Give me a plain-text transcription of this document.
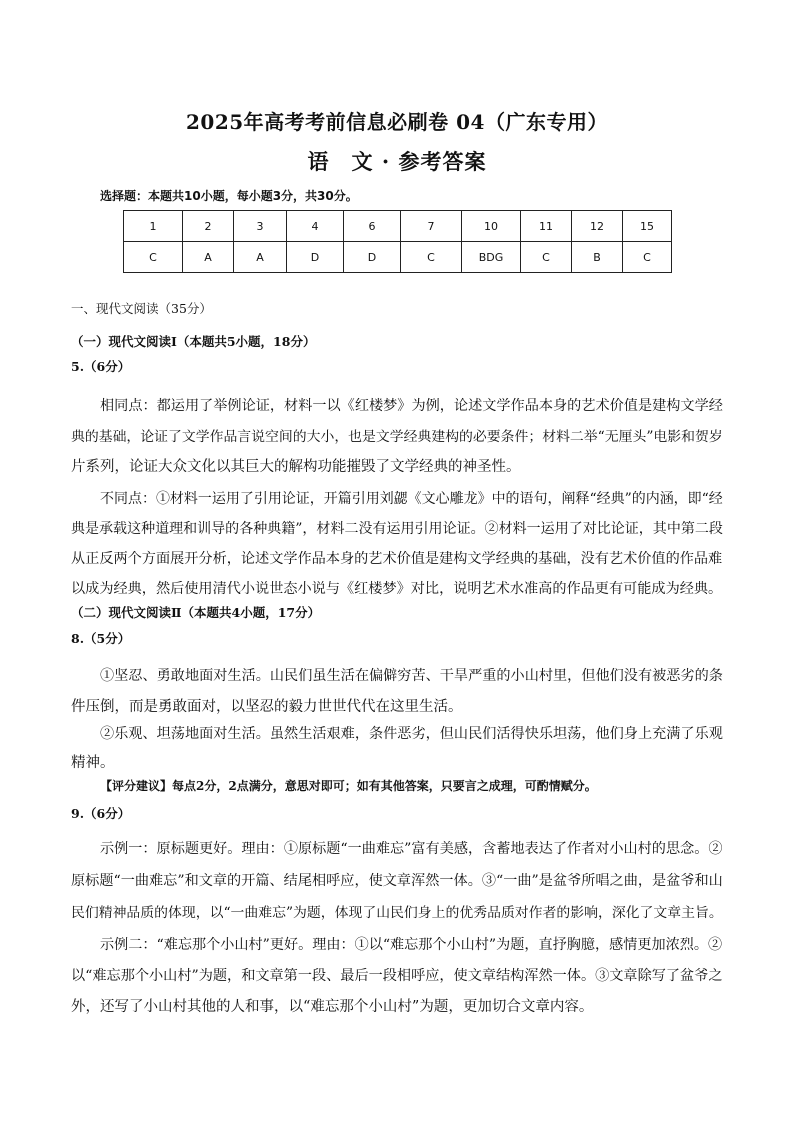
2025年高考考前信息必刷卷 04（广东专用）
语　文 · 参考答案
选择题：本题共10小题，每小题3分，共30分。
1	2	3	4	6	7	10	11	12	15
C	A	A	D	D	C	BDG	C	B	C
一、现代文阅读（35分）
（一）现代文阅读Ⅰ（本题共5小题，18分）
5.（6分）
相同点：都运用了举例论证，材料一以《红楼梦》为例，论述文学作品本身的艺术价值是建构文学经
典的基础，论证了文学作品言说空间的大小，也是文学经典建构的必要条件；材料二举“无厘头”电影和贺岁
片系列，论证大众文化以其巨大的解构功能摧毁了文学经典的神圣性。
不同点：①材料一运用了引用论证，开篇引用刘勰《文心雕龙》中的语句，阐释“经典”的内涵，即“经
典是承载这种道理和训导的各种典籍”，材料二没有运用引用论证。②材料一运用了对比论证，其中第二段
从正反两个方面展开分析，论述文学作品本身的艺术价值是建构文学经典的基础，没有艺术价值的作品难
以成为经典，然后使用清代小说世态小说与《红楼梦》对比，说明艺术水准高的作品更有可能成为经典。
（二）现代文阅读Ⅱ（本题共4小题，17分）
8.（5分）
①坚忍、勇敢地面对生活。山民们虽生活在偏僻穷苦、干旱严重的小山村里，但他们没有被恶劣的条
件压倒，而是勇敢面对，以坚忍的毅力世世代代在这里生活。
②乐观、坦荡地面对生活。虽然生活艰难，条件恶劣，但山民们活得快乐坦荡，他们身上充满了乐观
精神。
【评分建议】每点2分，2点满分，意思对即可；如有其他答案，只要言之成理，可酌情赋分。
9.（6分）
示例一：原标题更好。理由：①原标题“一曲难忘”富有美感，含蓄地表达了作者对小山村的思念。②
原标题“一曲难忘”和文章的开篇、结尾相呼应，使文章浑然一体。③“一曲”是盆爷所唱之曲，是盆爷和山
民们精神品质的体现，以“一曲难忘”为题，体现了山民们身上的优秀品质对作者的影响，深化了文章主旨。
示例二：“难忘那个小山村”更好。理由：①以“难忘那个小山村”为题，直抒胸臆，感情更加浓烈。②
以“难忘那个小山村”为题，和文章第一段、最后一段相呼应，使文章结构浑然一体。③文章除写了盆爷之
外，还写了小山村其他的人和事，以“难忘那个小山村”为题，更加切合文章内容。
